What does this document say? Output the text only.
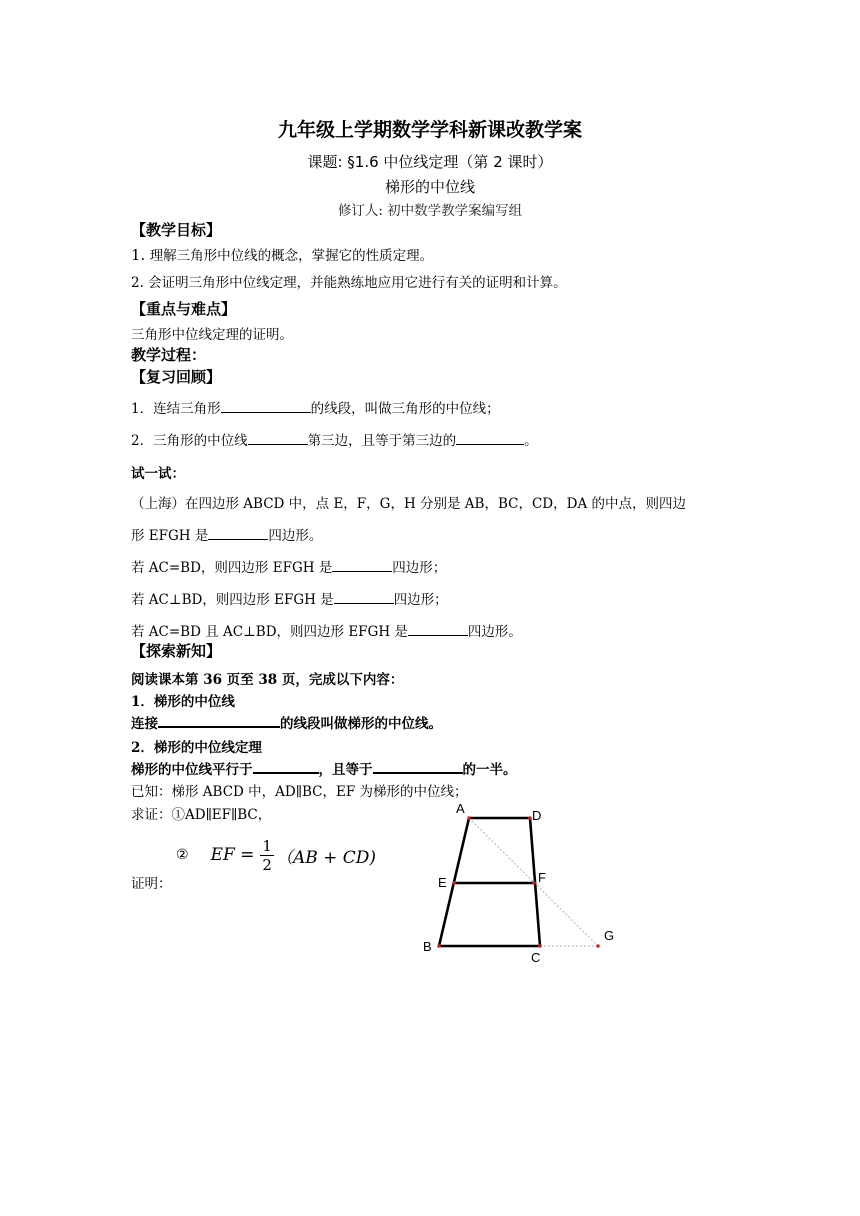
九年级上学期数学学科新课改教学案
课题: §1.6 中位线定理（第 2 课时）
梯形的中位线
修订人: 初中数学教学案编写组
【教学目标】
1. 理解三角形中位线的概念，掌握它的性质定理。
2. 会证明三角形中位线定理，并能熟练地应用它进行有关的证明和计算。
【重点与难点】
三角形中位线定理的证明。
教学过程：
【复习回顾】
1．连结三角形	的线段，叫做三角形的中位线；
2．三角形的中位线	第三边，且等于第三边的	。
试一试：
（上海）在四边形 ABCD 中，点 E，F，G，H 分别是 AB，BC，CD，DA 的中点，则四边
形 EFGH 是	四边形。
若 AC=BD，则四边形 EFGH 是	四边形；
若 AC⊥BD，则四边形 EFGH 是	四边形；
若 AC=BD 且 AC⊥BD，则四边形 EFGH 是	四边形。
【探索新知】
阅读课本第 36 页至 38 页，完成以下内容：
1．梯形的中位线
连接	的线段叫做梯形的中位线。
2．梯形的中位线定理
梯形的中位线平行于	，且等于	的一半。
已知：梯形 ABCD 中，AD∥BC，EF 为梯形的中位线；
求证：①AD∥EF∥BC，
② EF = $\frac{1}{2} (AB + CD)$
证明：
A	D
E	F
B
C
G
